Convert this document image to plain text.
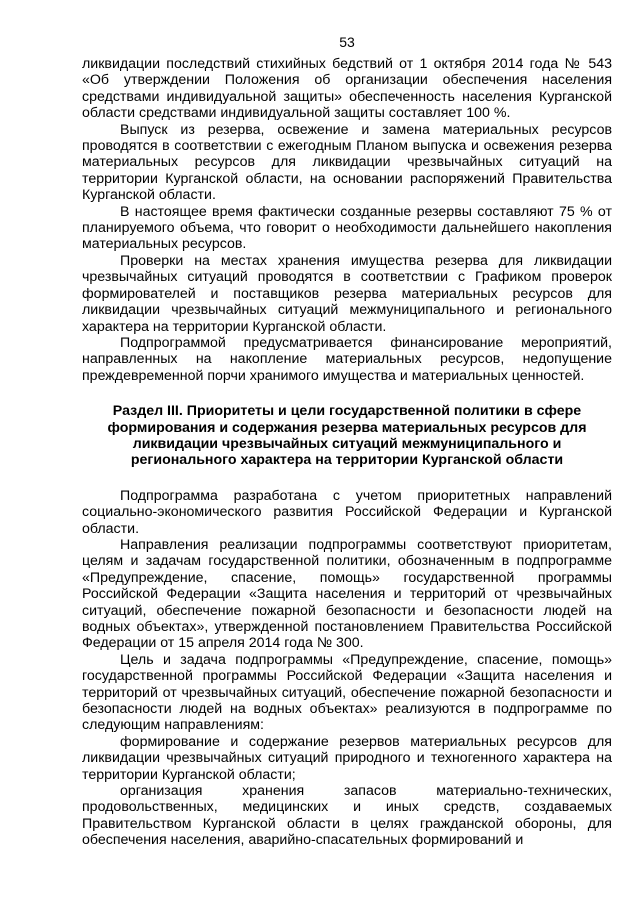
53

ликвидации последствий стихийных бедствий от 1 октября 2014 года № 543 «Об утверждении Положения об организации обеспечения населения средствами индивидуальной защиты» обеспеченность населения Курганской области средствами индивидуальной защиты составляет 100 %.

Выпуск из резерва, освежение и замена материальных ресурсов проводятся в соответствии с ежегодным Планом выпуска и освежения резерва материальных ресурсов для ликвидации чрезвычайных ситуаций на территории Курганской области, на основании распоряжений Правительства Курганской области.

В настоящее время фактически созданные резервы составляют 75 % от планируемого объема, что говорит о необходимости дальнейшего накопления материальных ресурсов.

Проверки на местах хранения имущества резерва для ликвидации чрезвычайных ситуаций проводятся в соответствии с Графиком проверок формирователей и поставщиков резерва материальных ресурсов для ликвидации чрезвычайных ситуаций межмуниципального и регионального характера на территории Курганской области.

Подпрограммой предусматривается финансирование мероприятий, направленных на накопление материальных ресурсов, недопущение преждевременной порчи хранимого имущества и материальных ценностей.

Раздел III. Приоритеты и цели государственной политики в сфере формирования и содержания резерва материальных ресурсов для ликвидации чрезвычайных ситуаций межмуниципального и регионального характера на территории Курганской области

Подпрограмма разработана с учетом приоритетных направлений социально-экономического развития Российской Федерации и Курганской области.

Направления реализации подпрограммы соответствуют приоритетам, целям и задачам государственной политики, обозначенным в подпрограмме «Предупреждение, спасение, помощь» государственной программы Российской Федерации «Защита населения и территорий от чрезвычайных ситуаций, обеспечение пожарной безопасности и безопасности людей на водных объектах», утвержденной постановлением Правительства Российской Федерации от 15 апреля 2014 года № 300.

Цель и задача подпрограммы «Предупреждение, спасение, помощь» государственной программы Российской Федерации «Защита населения и территорий от чрезвычайных ситуаций, обеспечение пожарной безопасности и безопасности людей на водных объектах» реализуются в подпрограмме по следующим направлениям:

формирование и содержание резервов материальных ресурсов для ликвидации чрезвычайных ситуаций природного и техногенного характера на территории Курганской области;

организация хранения запасов материально-технических, продовольственных, медицинских и иных средств, создаваемых Правительством Курганской области в целях гражданской обороны, для обеспечения населения, аварийно-спасательных формирований и
